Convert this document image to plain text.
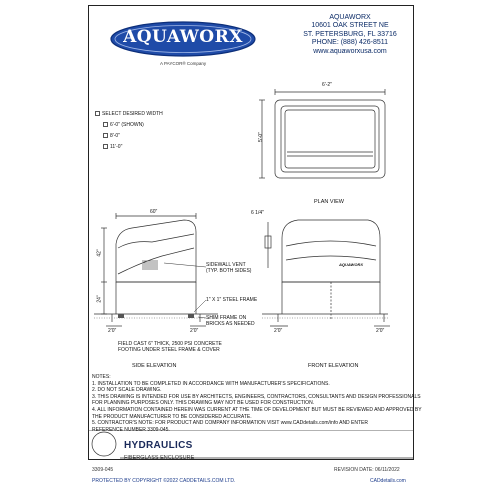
AQUAWORX
A PAYCOR® Company
AQUAWORX
10601 OAK STREET NE
ST. PETERSBURG, FL 33716
PHONE: (888) 426-8511
www.aquaworxusa.com
SELECT DESIRED WIDTH
6'-0" (SHOWN)
8'-0"
11'-0"
6'-2"
5'-0"
PLAN VIEW
60"
42"
24"
2'0"	2'0"
SIDEWALL VENT
(TYP. BOTH SIDES)
1" X 1" STEEL FRAME
SHIM FRAME ON
BRICKS AS NEEDED
FIELD CAST 6" THICK, 2500 PSI CONCRETE
FOOTING UNDER STEEL FRAME & COVER
SIDE ELEVATION
6 1/4"
AQUAWORX
2'0"	2'0"
FRONT ELEVATION
NOTES:
1. INSTALLATION TO BE COMPLETED IN ACCORDANCE WITH MANUFACTURER'S SPECIFICATIONS.
2. DO NOT SCALE DRAWING.
3. THIS DRAWING IS INTENDED FOR USE BY ARCHITECTS, ENGINEERS, CONTRACTORS, CONSULTANTS AND DESIGN PROFESSIONALS
FOR PLANNING PURPOSES ONLY. THIS DRAWING MAY NOT BE USED FOR CONSTRUCTION.
4. ALL INFORMATION CONTAINED HEREIN WAS CURRENT AT THE TIME OF DEVELOPMENT BUT MUST BE REVIEWED AND APPROVED BY
THE PRODUCT MANUFACTURER TO BE CONSIDERED ACCURATE.
5. CONTRACTOR'S NOTE: FOR PRODUCT AND COMPANY INFORMATION VISIT www.CADdetails.com/info AND ENTER
REFERENCE NUMBER 3309-045.
HYDRAULICS
FIBERGLASS ENCLOSURE
3309-045	REVISION DATE: 06/11/2022
PROTECTED BY COPYRIGHT ©2022 CADDETAILS.COM LTD.	CADdetails.com
